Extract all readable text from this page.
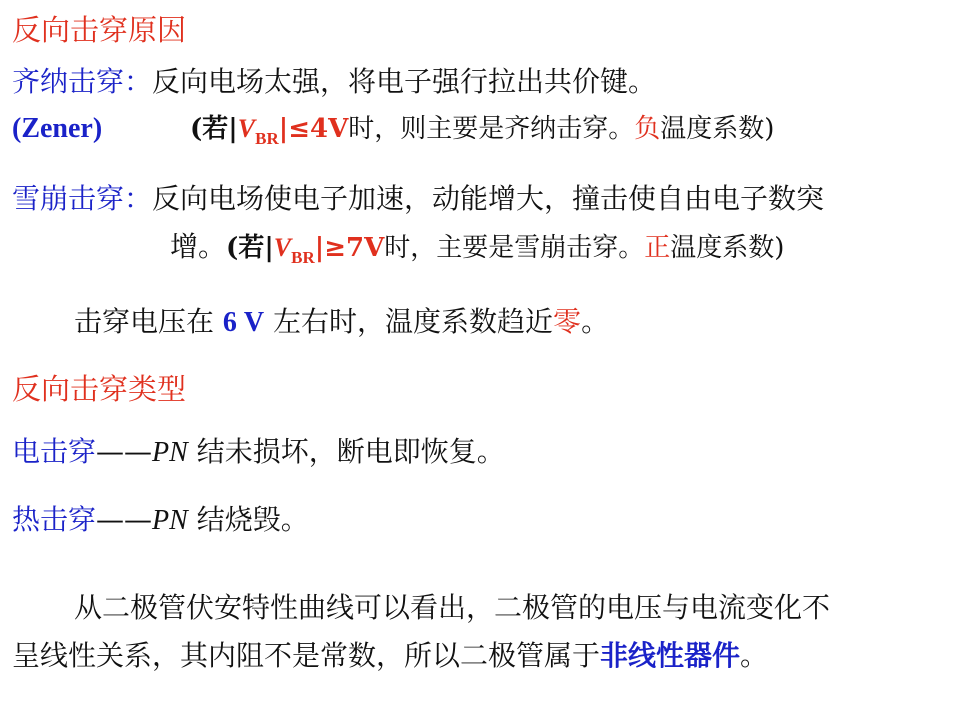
反向击穿原因
齐纳击穿：反向电场太强，将电子强行拉出共价键。
(Zener)	(若$|V_{BR}|\le 4V$时，则主要是齐纳击穿。负温度系数)
雪崩击穿：反向电场使电子加速，动能增大，撞击使自由电子数突
增。(若$|V_{BR}|\ge 7V$时，主要是雪崩击穿。正温度系数)
击穿电压在 6 V 左右时，温度系数趋近零。
反向击穿类型
电击穿——PN 结未损坏，断电即恢复。
热击穿——PN 结烧毁。
从二极管伏安特性曲线可以看出，二极管的电压与电流变化不
呈线性关系，其内阻不是常数，所以二极管属于非线性器件。
